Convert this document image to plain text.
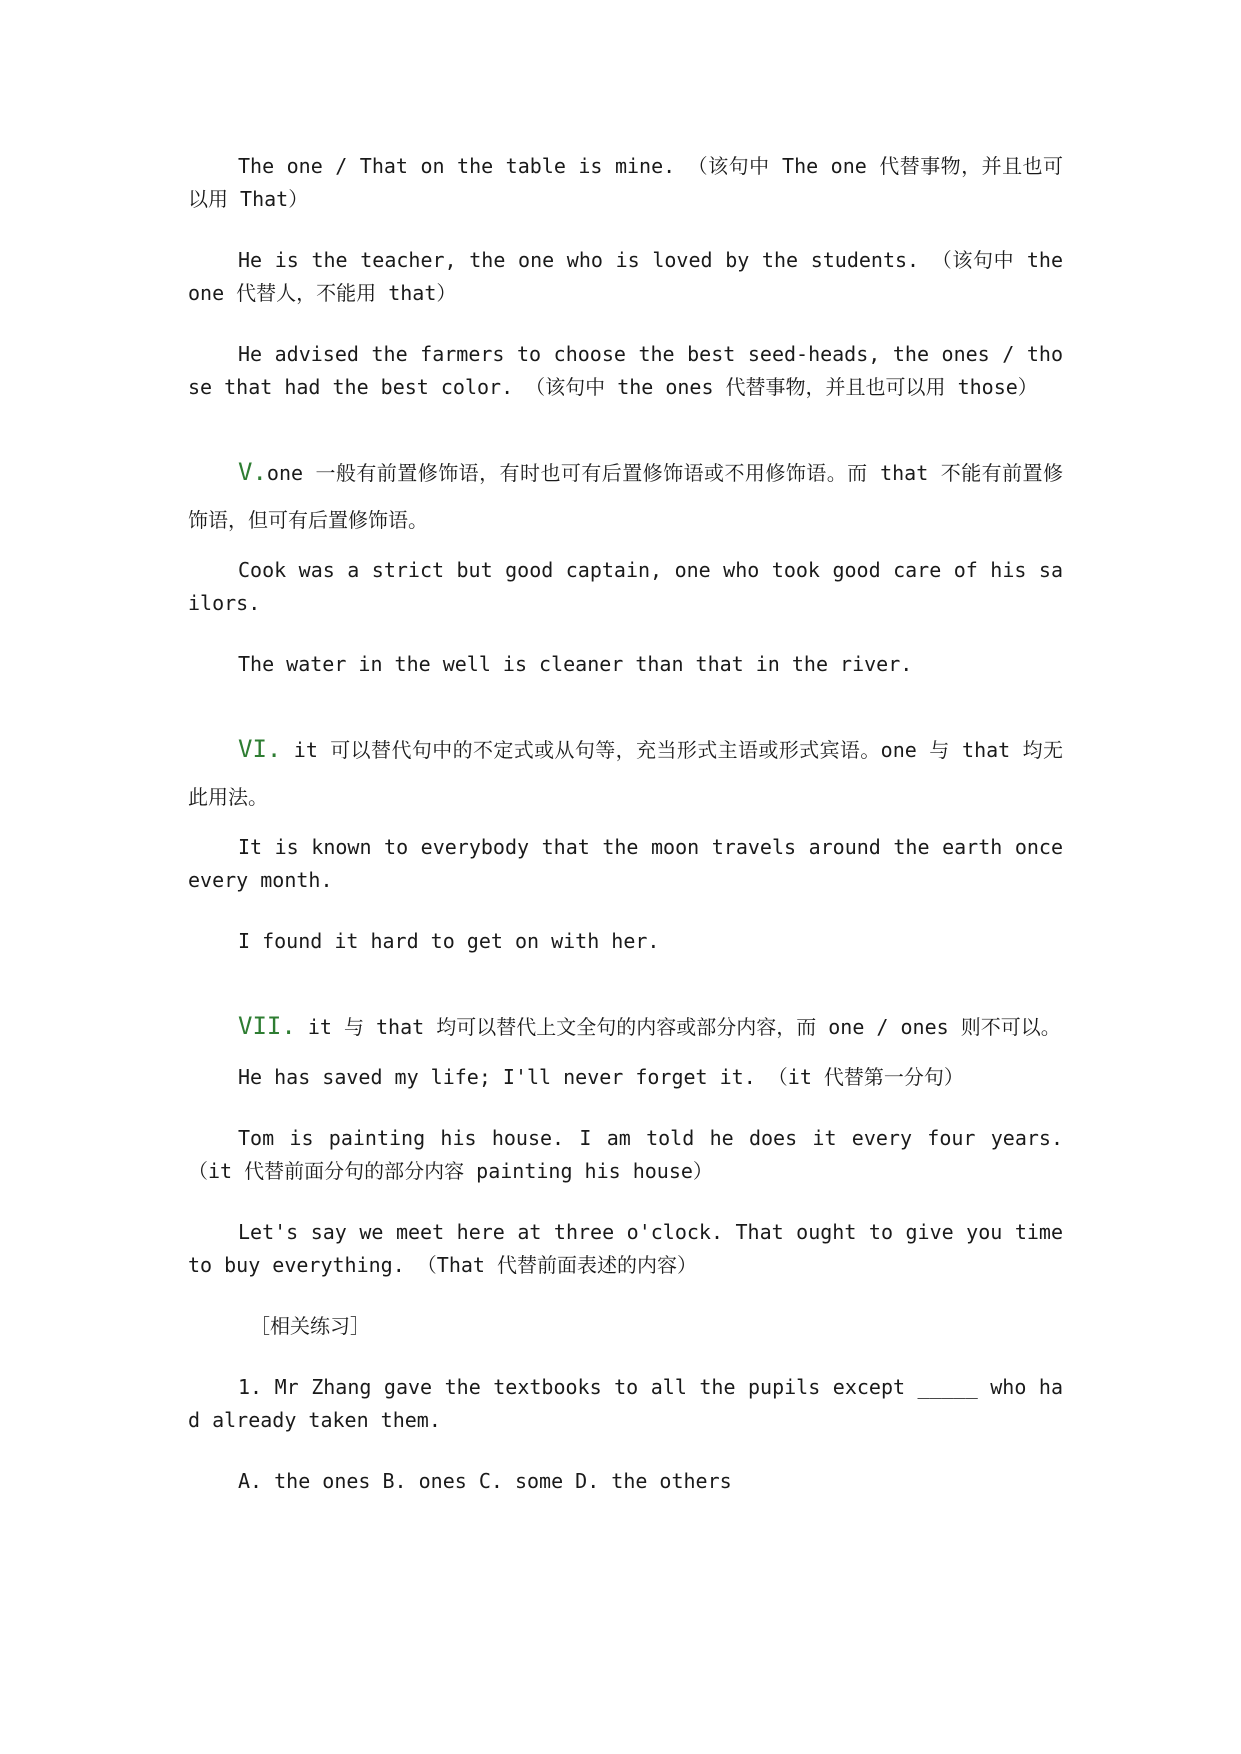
The one / That on the table is mine. （该句中 The one 代替事物，并且也可以用 That）

He is the teacher, the one who is loved by the students. （该句中 the one 代替人，不能用 that）

He advised the farmers to choose the best seed-heads, the ones / those that had the best color. （该句中 the ones 代替事物，并且也可以用 those）

V.one 一般有前置修饰语，有时也可有后置修饰语或不用修饰语。而 that 不能有前置修饰语，但可有后置修饰语。

Cook was a strict but good captain, one who took good care of his sailors.

The water in the well is cleaner than that in the river.

VI. it 可以替代句中的不定式或从句等，充当形式主语或形式宾语。one 与 that 均无此用法。

It is known to everybody that the moon travels around the earth once every month.

I found it hard to get on with her.

VII. it 与 that 均可以替代上文全句的内容或部分内容，而 one / ones 则不可以。

He has saved my life; I'll never forget it. （it 代替第一分句）

Tom is painting his house. I am told he does it every four years. （it 代替前面分句的部分内容 painting his house）

Let's say we meet here at three o'clock. That ought to give you time to buy everything. （That 代替前面表述的内容）

［相关练习］

1. Mr Zhang gave the textbooks to all the pupils except _____ who had already taken them.

A. the ones B. ones C. some D. the others
